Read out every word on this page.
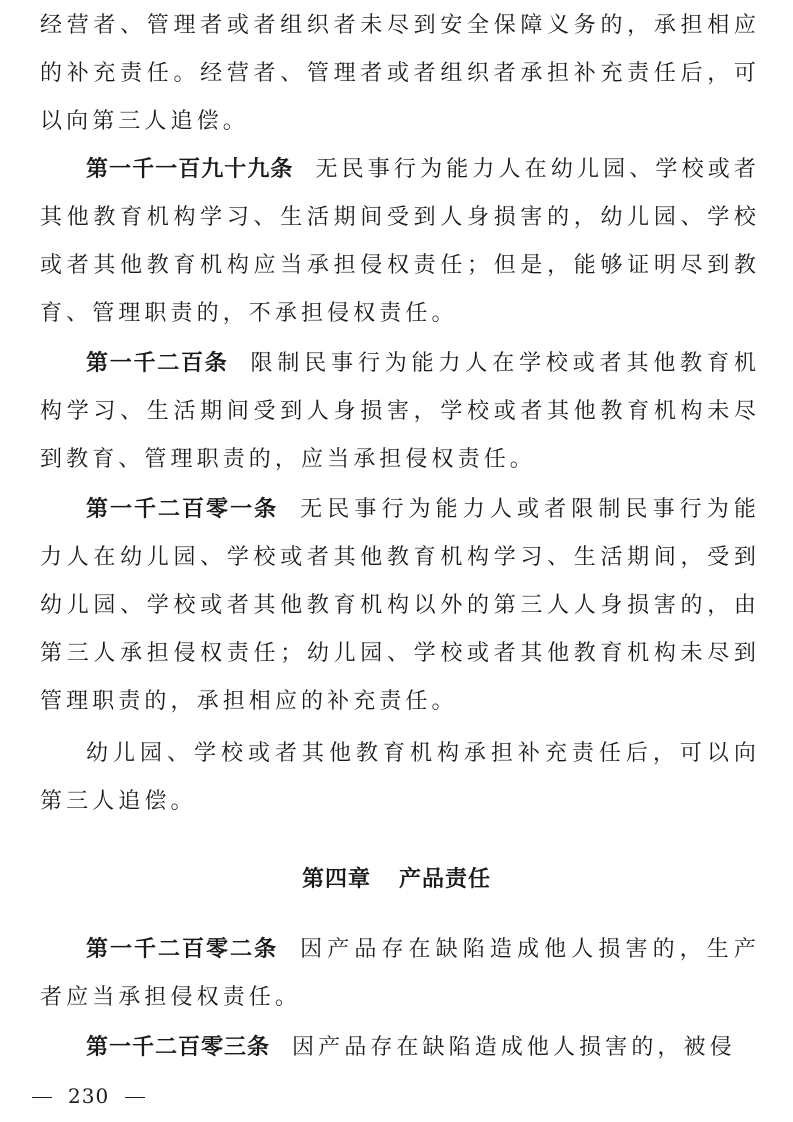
经营者、管理者或者组织者未尽到安全保障义务的，承担相应的补充责任。经营者、管理者或者组织者承担补充责任后，可以向第三人追偿。
第一千一百九十九条 无民事行为能力人在幼儿园、学校或者其他教育机构学习、生活期间受到人身损害的，幼儿园、学校或者其他教育机构应当承担侵权责任；但是，能够证明尽到教育、管理职责的，不承担侵权责任。
第一千二百条 限制民事行为能力人在学校或者其他教育机构学习、生活期间受到人身损害，学校或者其他教育机构未尽到教育、管理职责的，应当承担侵权责任。
第一千二百零一条 无民事行为能力人或者限制民事行为能力人在幼儿园、学校或者其他教育机构学习、生活期间，受到幼儿园、学校或者其他教育机构以外的第三人人身损害的，由第三人承担侵权责任；幼儿园、学校或者其他教育机构未尽到管理职责的，承担相应的补充责任。
幼儿园、学校或者其他教育机构承担补充责任后，可以向第三人追偿。
第四章 产品责任
第一千二百零二条 因产品存在缺陷造成他人损害的，生产者应当承担侵权责任。
第一千二百零三条 因产品存在缺陷造成他人损害的，被侵
230
